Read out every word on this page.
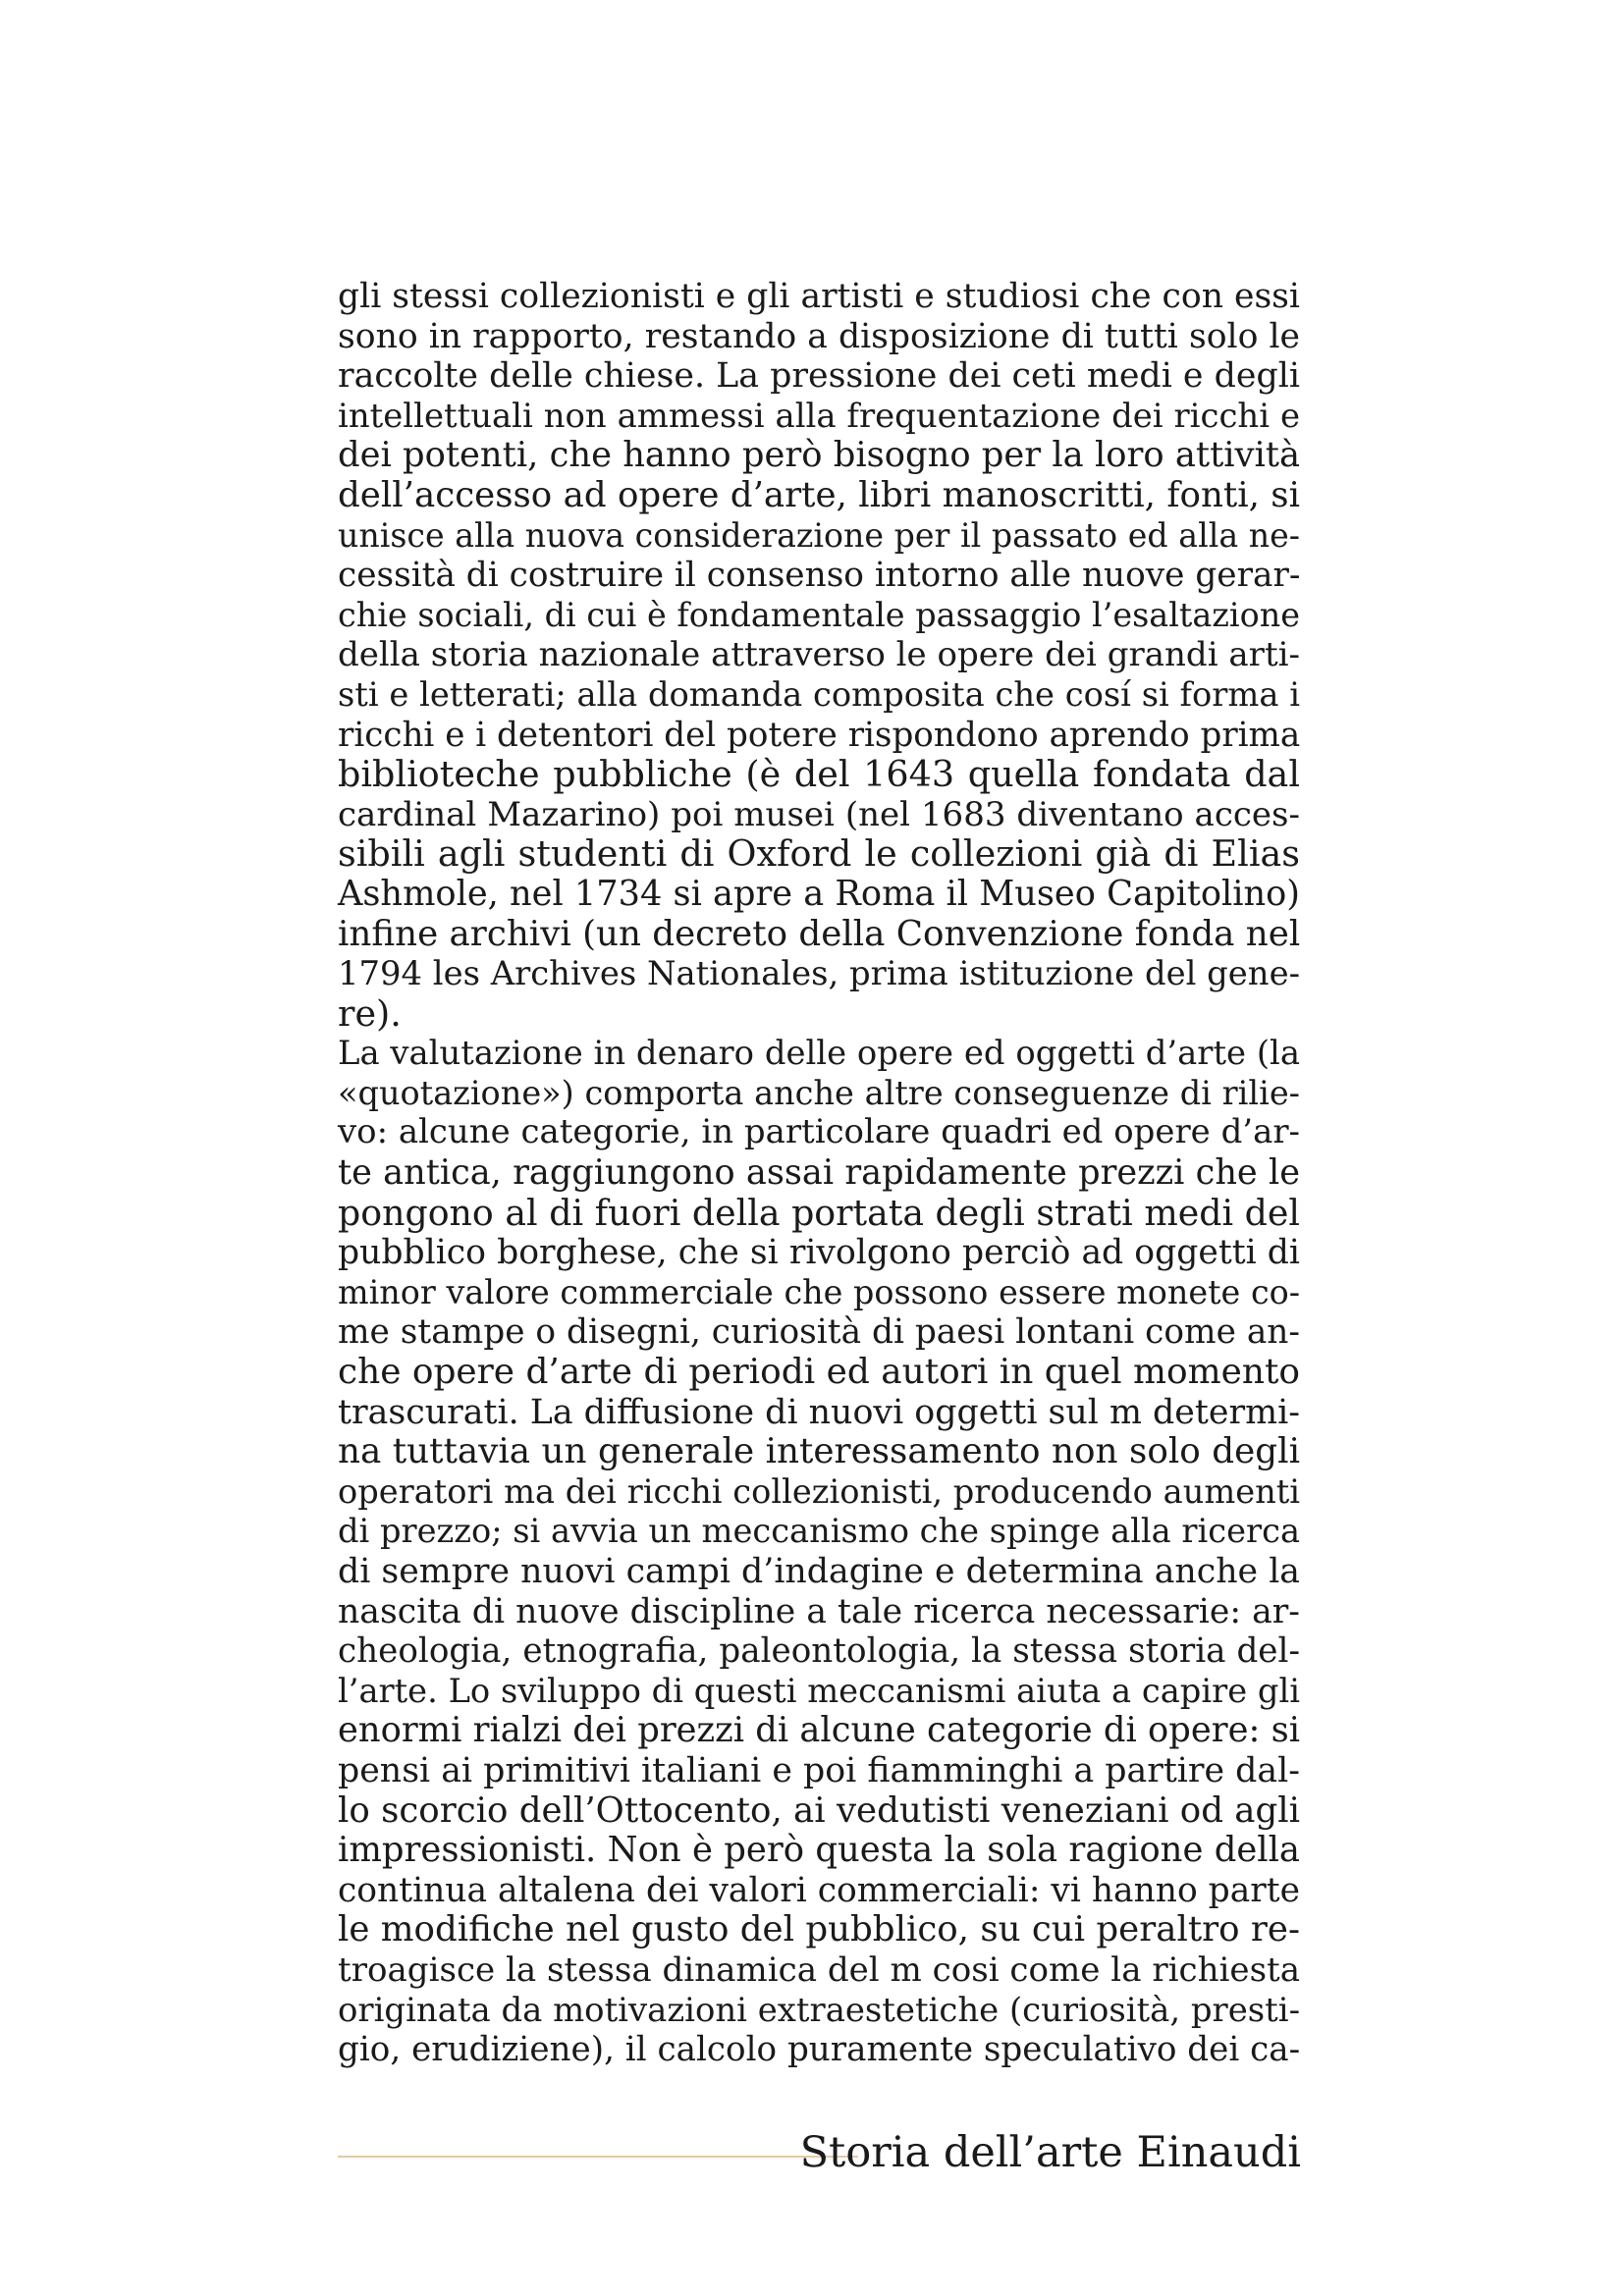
gli stessi collezionisti e gli artisti e studiosi che con essi
sono in rapporto, restando a disposizione di tutti solo le
raccolte delle chiese. La pressione dei ceti medi e degli
intellettuali non ammessi alla frequentazione dei ricchi e
dei potenti, che hanno però bisogno per la loro attività
dell’accesso ad opere d’arte, libri manoscritti, fonti, si
unisce alla nuova considerazione per il passato ed alla ne-
cessità di costruire il consenso intorno alle nuove gerar-
chie sociali, di cui è fondamentale passaggio l’esaltazione
della storia nazionale attraverso le opere dei grandi arti-
sti e letterati; alla domanda composita che cosí si forma i
ricchi e i detentori del potere rispondono aprendo prima
biblioteche pubbliche (è del 1643 quella fondata dal
cardinal Mazarino) poi musei (nel 1683 diventano acces-
sibili agli studenti di Oxford le collezioni già di Elias
Ashmole, nel 1734 si apre a Roma il Museo Capitolino)
infine archivi (un decreto della Convenzione fonda nel
1794 les Archives Nationales, prima istituzione del gene-
re).
La valutazione in denaro delle opere ed oggetti d’arte (la
«quotazione») comporta anche altre conseguenze di rilie-
vo: alcune categorie, in particolare quadri ed opere d’ar-
te antica, raggiungono assai rapidamente prezzi che le
pongono al di fuori della portata degli strati medi del
pubblico borghese, che si rivolgono perciò ad oggetti di
minor valore commerciale che possono essere monete co-
me stampe o disegni, curiosità di paesi lontani come an-
che opere d’arte di periodi ed autori in quel momento
trascurati. La diffusione di nuovi oggetti sul m determi-
na tuttavia un generale interessamento non solo degli
operatori ma dei ricchi collezionisti, producendo aumenti
di prezzo; si avvia un meccanismo che spinge alla ricerca
di sempre nuovi campi d’indagine e determina anche la
nascita di nuove discipline a tale ricerca necessarie: ar-
cheologia, etnografia, paleontologia, la stessa storia del-
l’arte. Lo sviluppo di questi meccanismi aiuta a capire gli
enormi rialzi dei prezzi di alcune categorie di opere: si
pensi ai primitivi italiani e poi fiamminghi a partire dal-
lo scorcio dell’Ottocento, ai vedutisti veneziani od agli
impressionisti. Non è però questa la sola ragione della
continua altalena dei valori commerciali: vi hanno parte
le modifiche nel gusto del pubblico, su cui peraltro re-
troagisce la stessa dinamica del m cosi come la richiesta
originata da motivazioni extraestetiche (curiosità, presti-
gio, erudiziene), il calcolo puramente speculativo dei ca-
Storia dell’arte Einaudi
